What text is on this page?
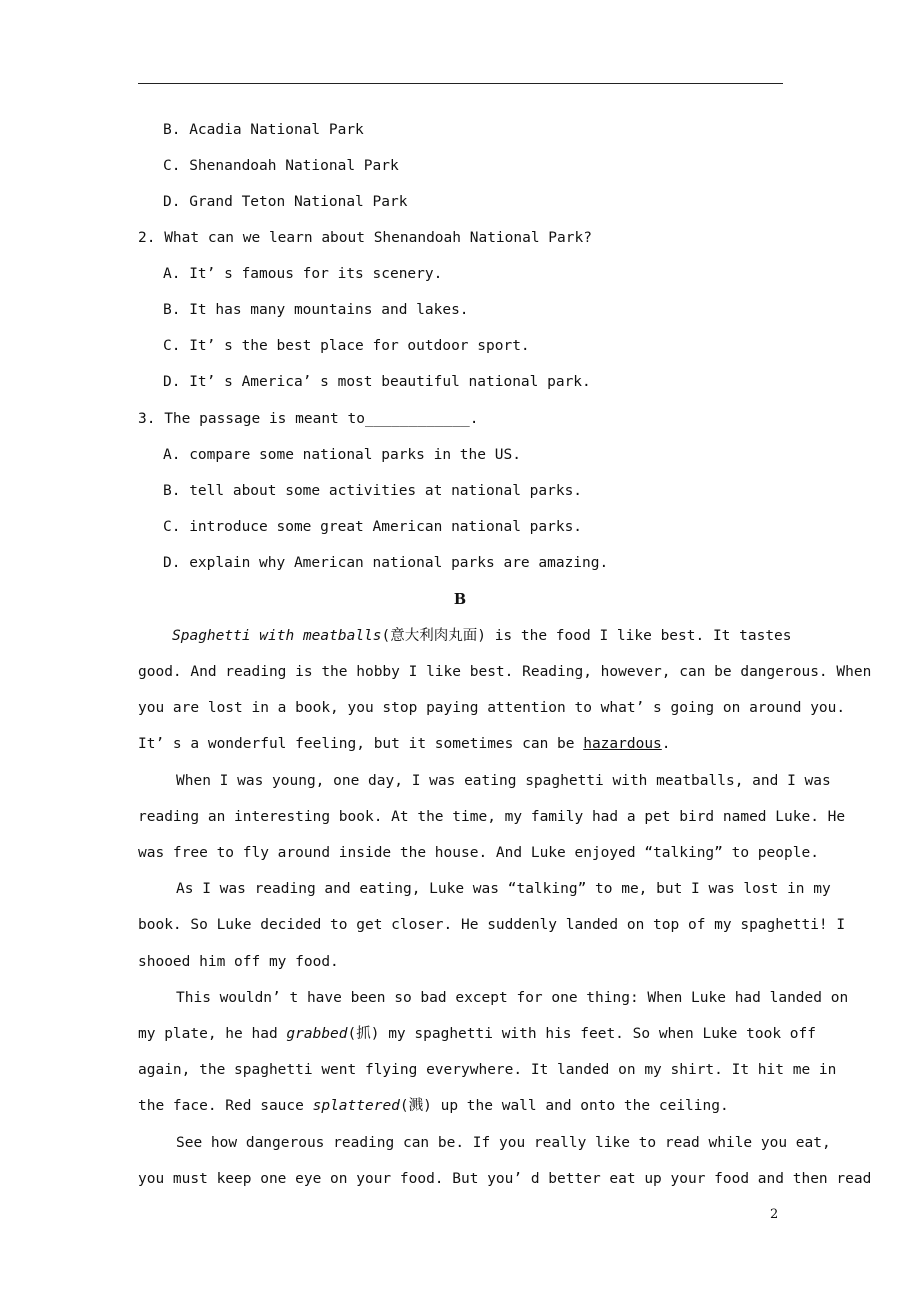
B. Acadia National Park
C. Shenandoah National Park
D. Grand Teton National Park
2. What can we learn about Shenandoah National Park?
A. It’ s famous for its scenery.
B. It has many mountains and lakes.
C. It’ s the best place for outdoor sport.
D. It’ s America’ s most beautiful national park.
3. The passage is meant to____________.
A. compare some national parks in the US.
B. tell about some activities at national parks.
C. introduce some great American national parks.
D. explain why American national parks are amazing.
B
Spaghetti with meatballs(意大利肉丸面) is the food I like best. It tastes
good. And reading is the hobby I like best. Reading, however, can be dangerous. When
you are lost in a book, you stop paying attention to what’ s going on around you.
It’ s a wonderful feeling, but it sometimes can be hazardous.
When I was young, one day, I was eating spaghetti with meatballs, and I was
reading an interesting book. At the time, my family had a pet bird named Luke. He
was free to fly around inside the house. And Luke enjoyed “talking” to people.
As I was reading and eating, Luke was “talking” to me, but I was lost in my
book. So Luke decided to get closer. He suddenly landed on top of my spaghetti! I
shooed him off my food.
This wouldn’ t have been so bad except for one thing: When Luke had landed on
my plate, he had grabbed(抓) my spaghetti with his feet. So when Luke took off
again, the spaghetti went flying everywhere. It landed on my shirt. It hit me in
the face. Red sauce splattered(溅) up the wall and onto the ceiling.
See how dangerous reading can be. If you really like to read while you eat,
you must keep one eye on your food. But you’ d better eat up your food and then read
2
